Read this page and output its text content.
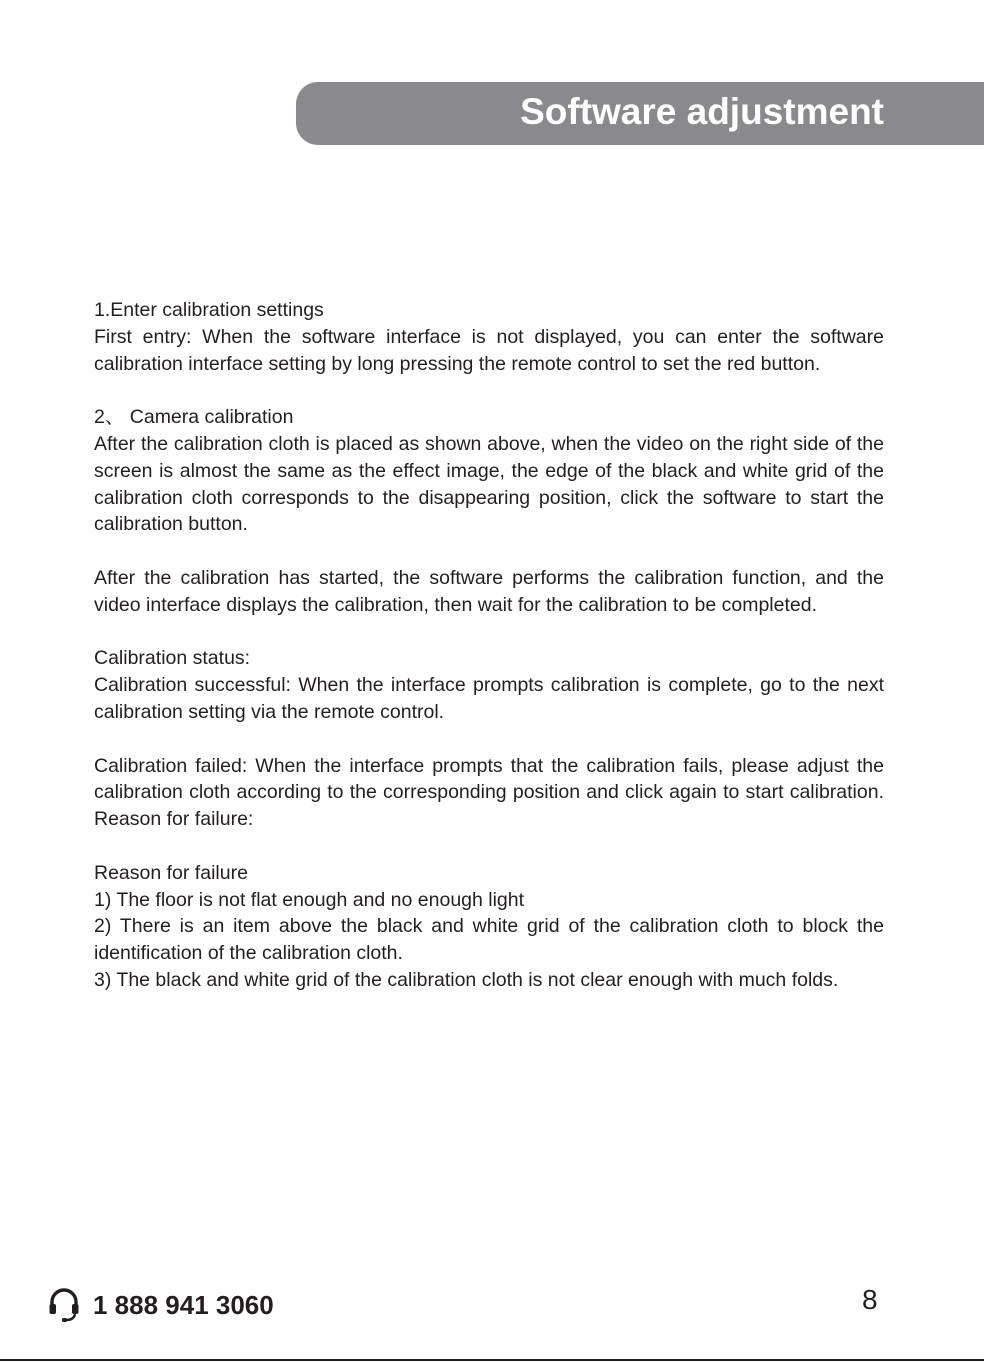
Software adjustment

1.Enter calibration settings
First entry: When the software interface is not displayed, you can enter the software calibration interface setting by long pressing the remote control to set the red button.

2、 Camera calibration
After the calibration cloth is placed as shown above, when the video on the right side of the screen is almost the same as the effect image, the edge of the black and white grid of the calibration cloth corresponds to the disappearing position, click the software to start the calibration button.

After the calibration has started, the software performs the calibration function, and the video interface displays the calibration, then wait for the calibration to be completed.

Calibration status:
Calibration successful: When the interface prompts calibration is complete, go to the next calibration setting via the remote control.

Calibration failed: When the interface prompts that the calibration fails, please adjust the calibration cloth according to the corresponding position and click again to start calibration. Reason for failure:

Reason for failure
1) The floor is not flat enough and no enough light
2) There is an item above the black and white grid of the calibration cloth to block the identification of the calibration cloth.
3) The black and white grid of the calibration cloth is not clear enough with much folds.

1 888 941 3060	8
